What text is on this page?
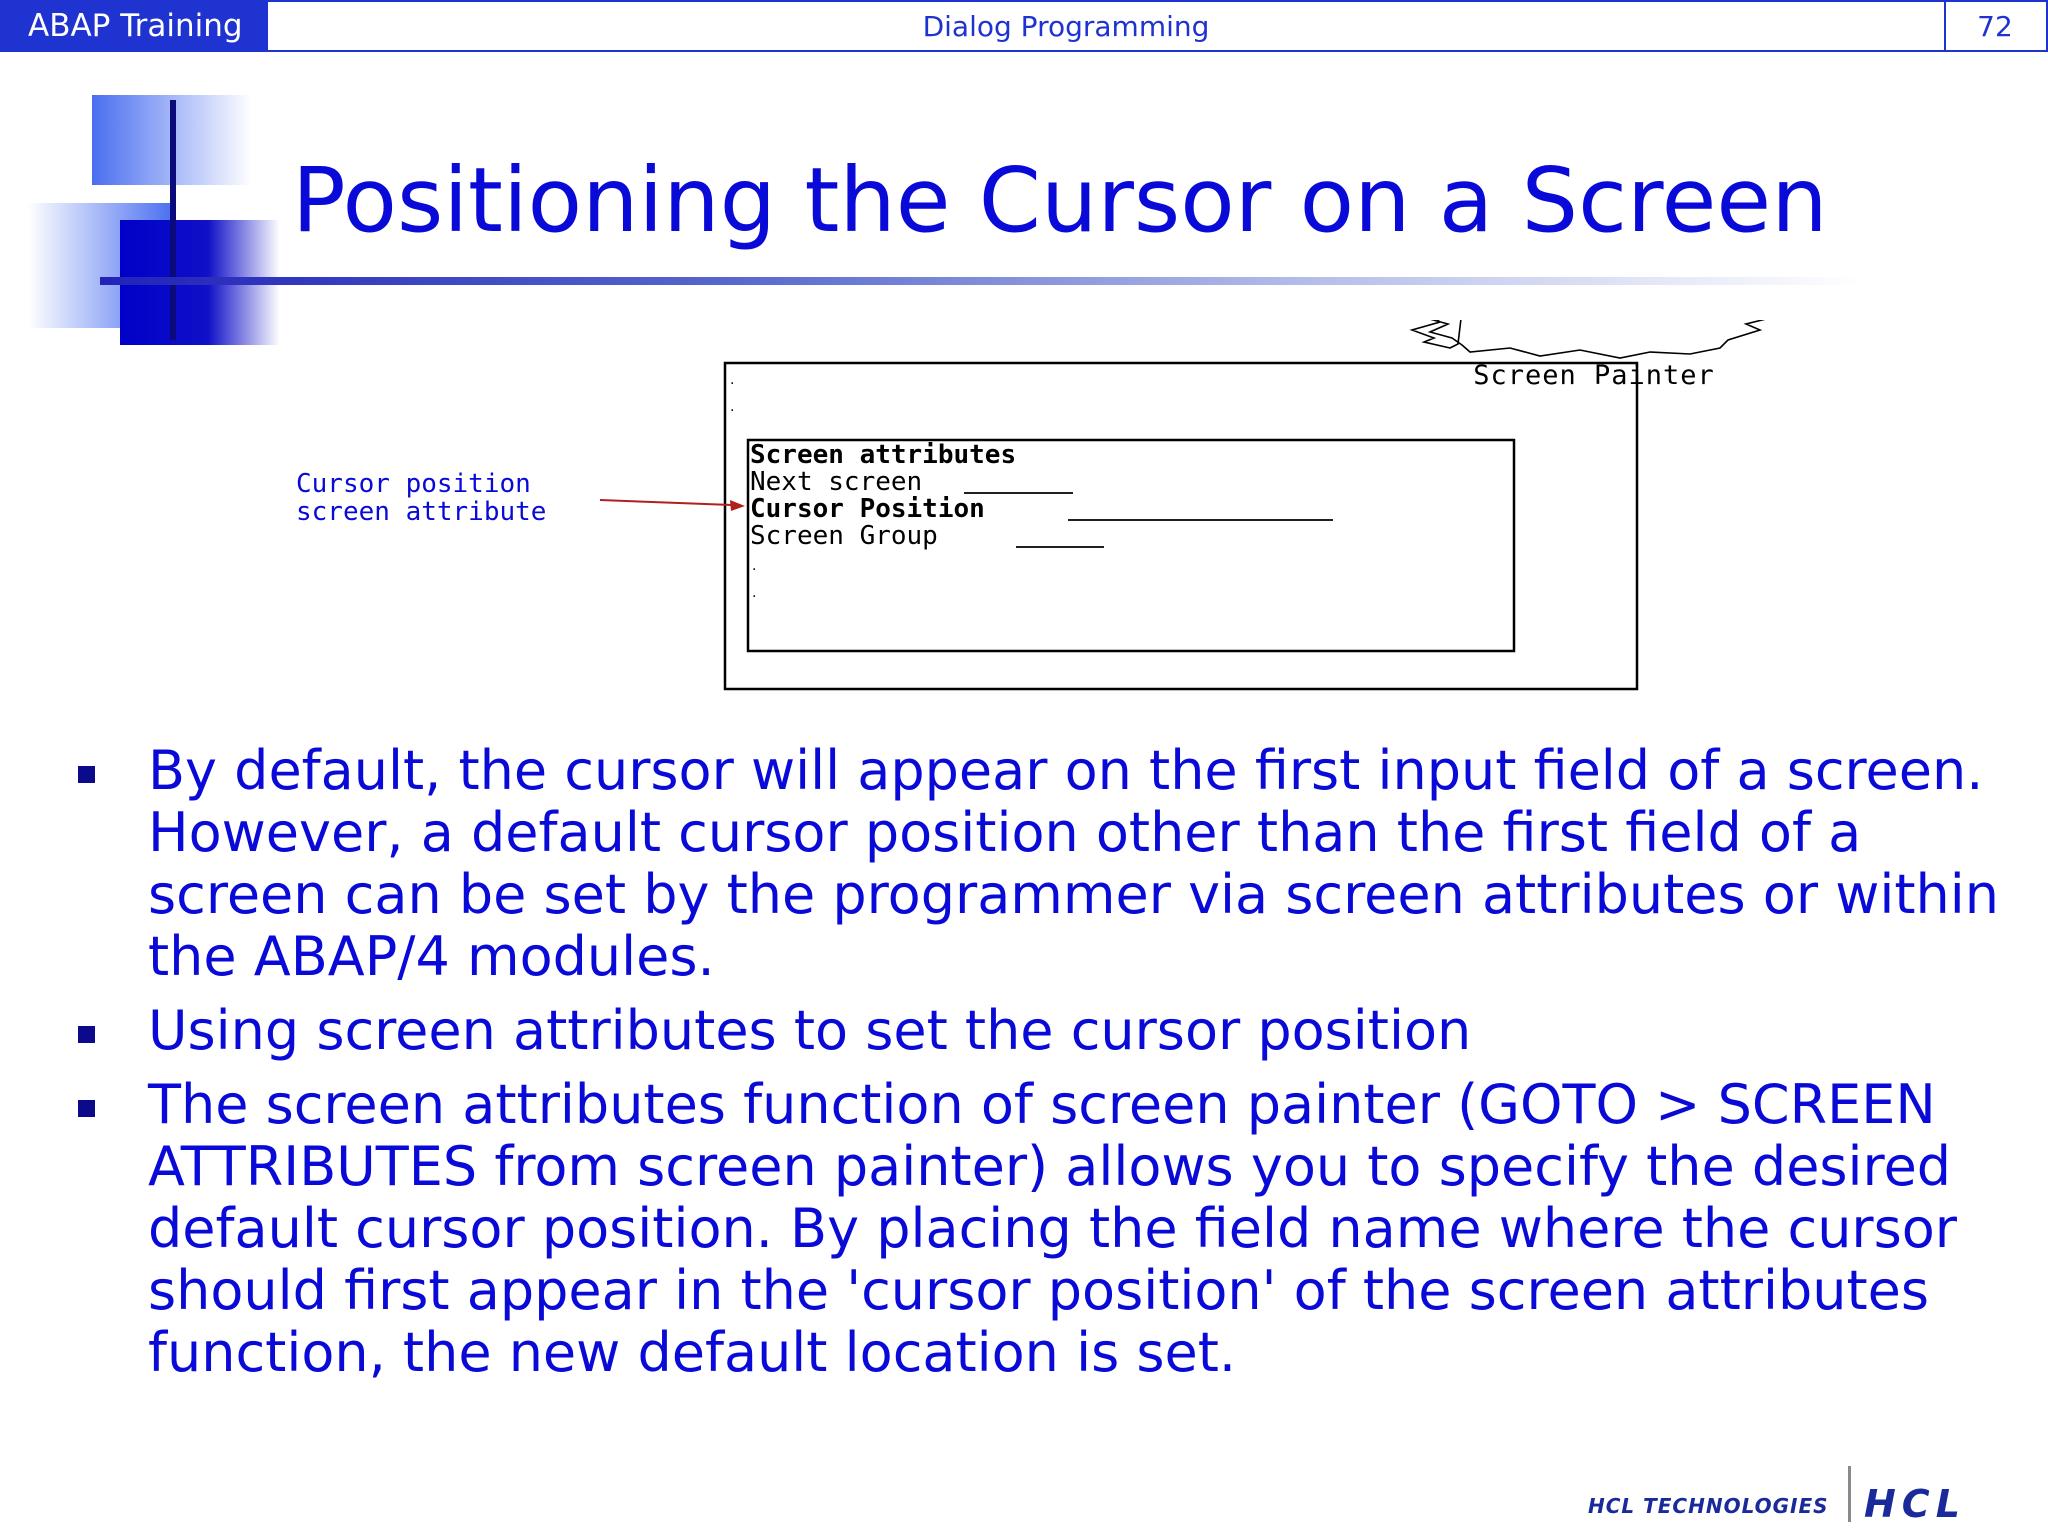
ABAP Training	Dialog Programming	72
Positioning the Cursor on a Screen
.
.
Screen Painter
Screen attributes
Next screen
Cursor Position
Screen Group
.
.
Cursor position
screen attribute
By default, the cursor will appear on the first input field of a screen. However, a default cursor position other than the first field of a screen can be set by the programmer via screen attributes or within the ABAP/4 modules.
Using screen attributes to set the cursor position
The screen attributes function of screen painter (GOTO > SCREEN ATTRIBUTES from screen painter) allows you to specify the desired default cursor position. By placing the field name where the cursor should first appear in the 'cursor position' of the screen attributes function, the new default location is set.
HCL TECHNOLOGIES HCL
